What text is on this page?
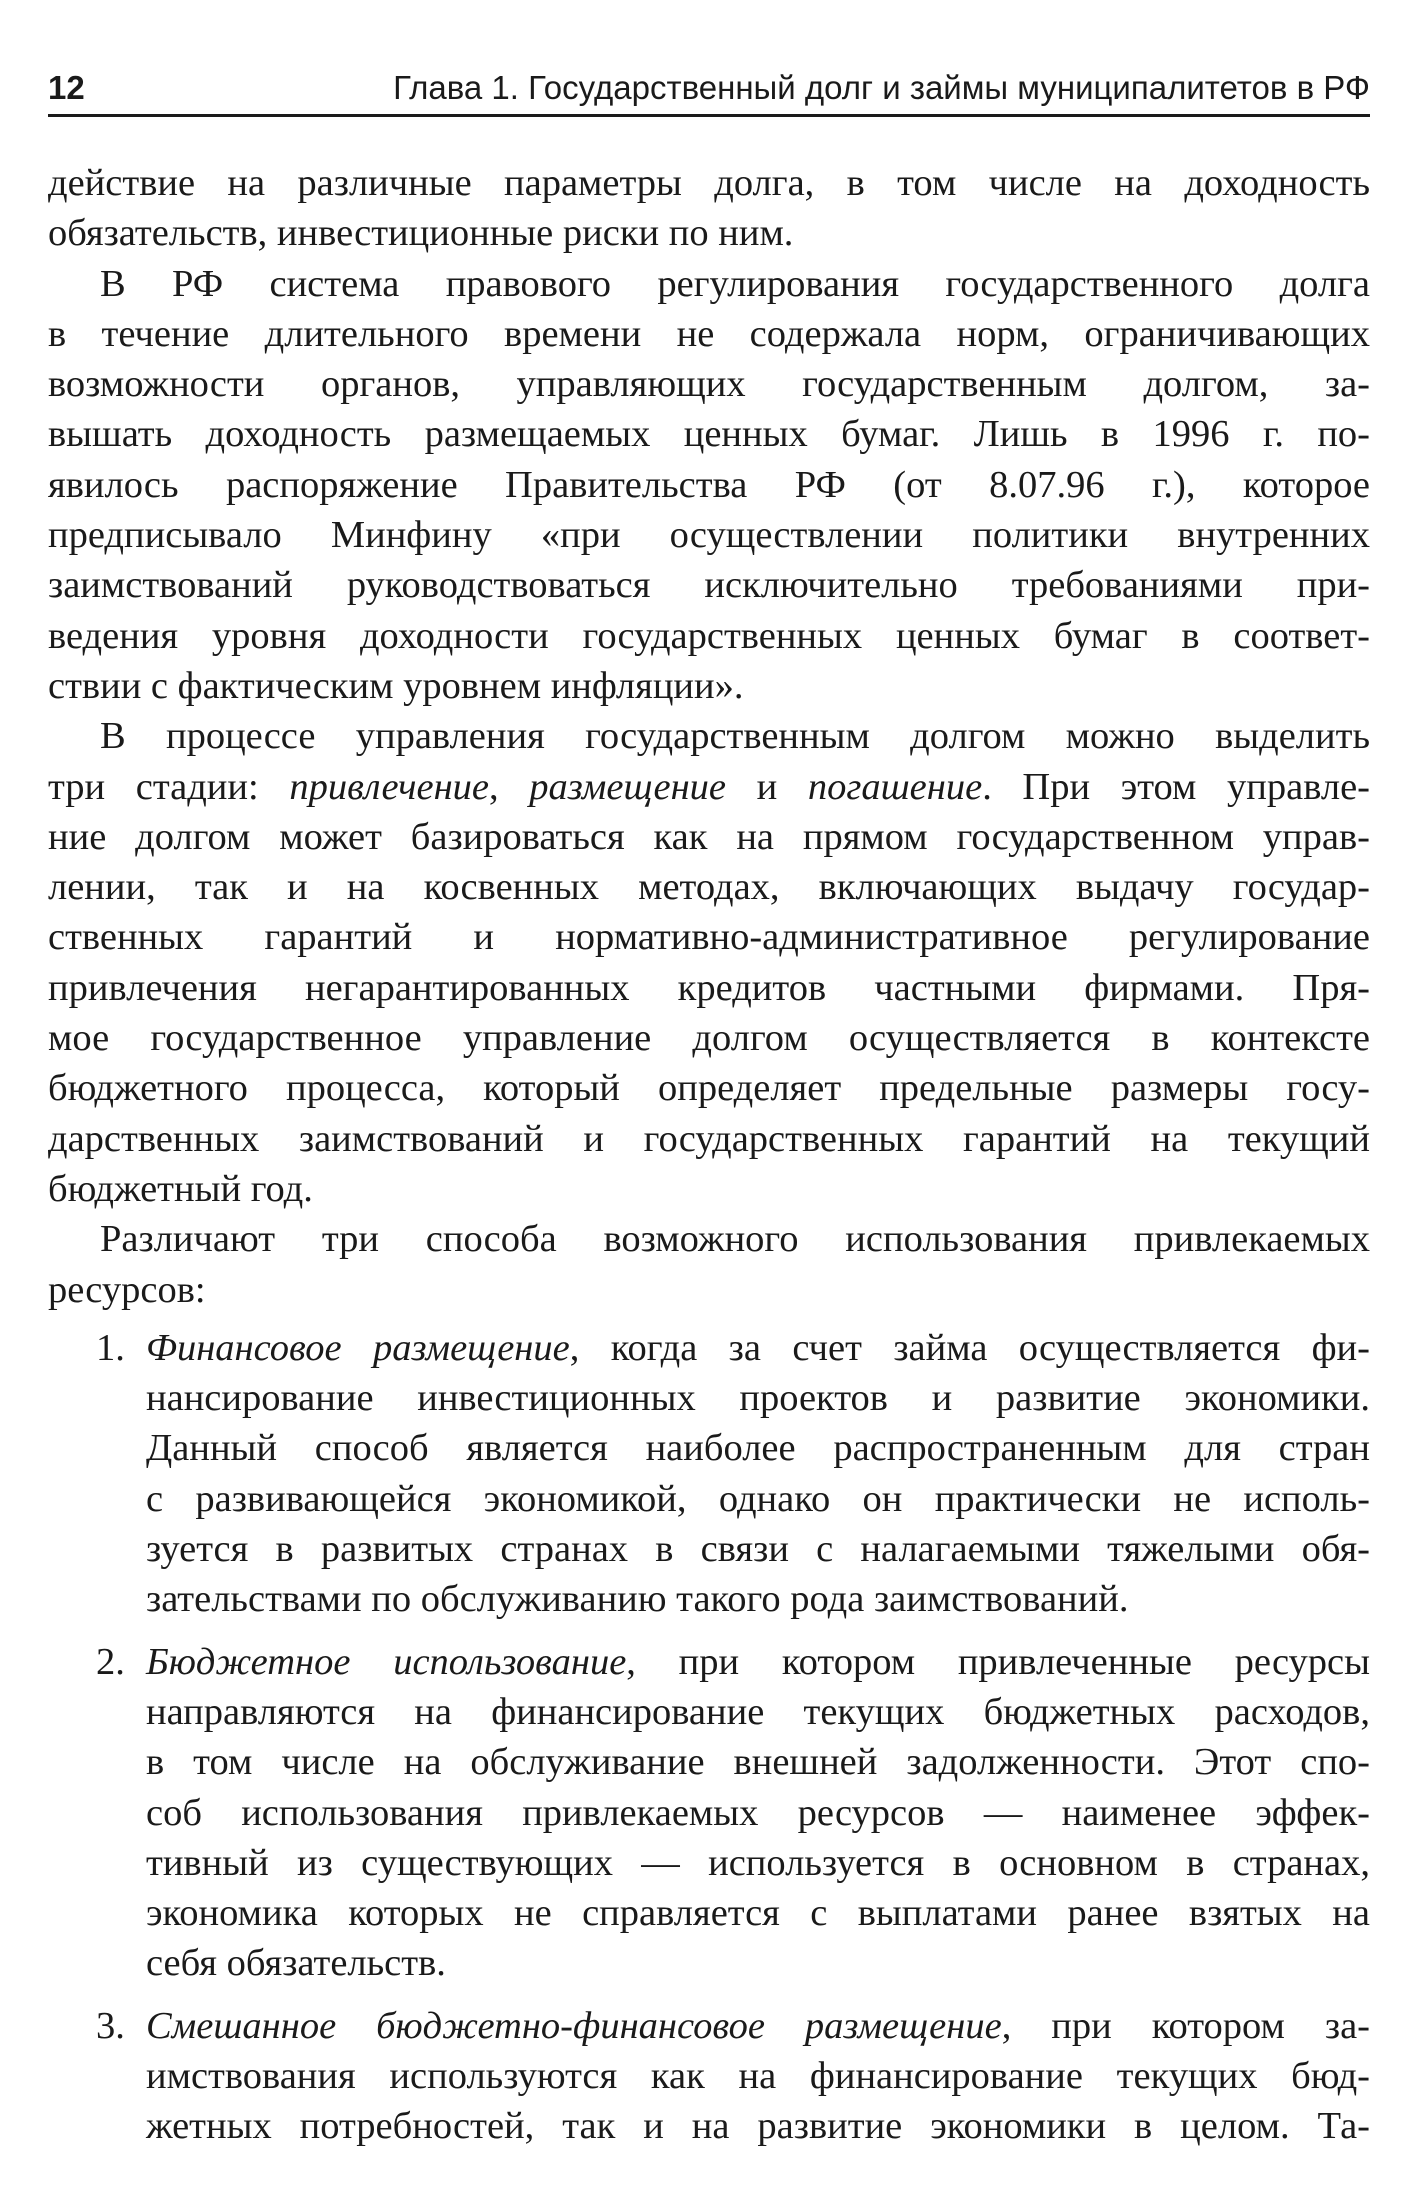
12	Глава 1. Государственный долг и займы муниципалитетов в РФ
действие на различные параметры долга, в том числе на доходность
обязательств, инвестиционные риски по ним.
В РФ система правового регулирования государственного долга
в течение длительного времени не содержала норм, ограничивающих
возможности органов, управляющих государственным долгом, за-
вышать доходность размещаемых ценных бумаг. Лишь в 1996 г. по-
явилось распоряжение Правительства РФ (от 8.07.96 г.), которое
предписывало Минфину «при осуществлении политики внутренних
заимствований руководствоваться исключительно требованиями при-
ведения уровня доходности государственных ценных бумаг в соответ-
ствии с фактическим уровнем инфляции».
В процессе управления государственным долгом можно выделить
три стадии: привлечение, размещение и погашение. При этом управле-
ние долгом может базироваться как на прямом государственном управ-
лении, так и на косвенных методах, включающих выдачу государ-
ственных гарантий и нормативно-административное регулирование
привлечения негарантированных кредитов частными фирмами. Пря-
мое государственное управление долгом осуществляется в контексте
бюджетного процесса, который определяет предельные размеры госу-
дарственных заимствований и государственных гарантий на текущий
бюджетный год.
Различают три способа возможного использования привлекаемых
ресурсов:
1. Финансовое размещение, когда за счет займа осуществляется фи-
нансирование инвестиционных проектов и развитие экономики.
Данный способ является наиболее распространенным для стран
с развивающейся экономикой, однако он практически не исполь-
зуется в развитых странах в связи с налагаемыми тяжелыми обя-
зательствами по обслуживанию такого рода заимствований.
2. Бюджетное использование, при котором привлеченные ресурсы
направляются на финансирование текущих бюджетных расходов,
в том числе на обслуживание внешней задолженности. Этот спо-
соб использования привлекаемых ресурсов — наименее эффек-
тивный из существующих — используется в основном в странах,
экономика которых не справляется с выплатами ранее взятых на
себя обязательств.
3. Смешанное бюджетно-финансовое размещение, при котором за-
имствования используются как на финансирование текущих бюд-
жетных потребностей, так и на развитие экономики в целом. Та-
